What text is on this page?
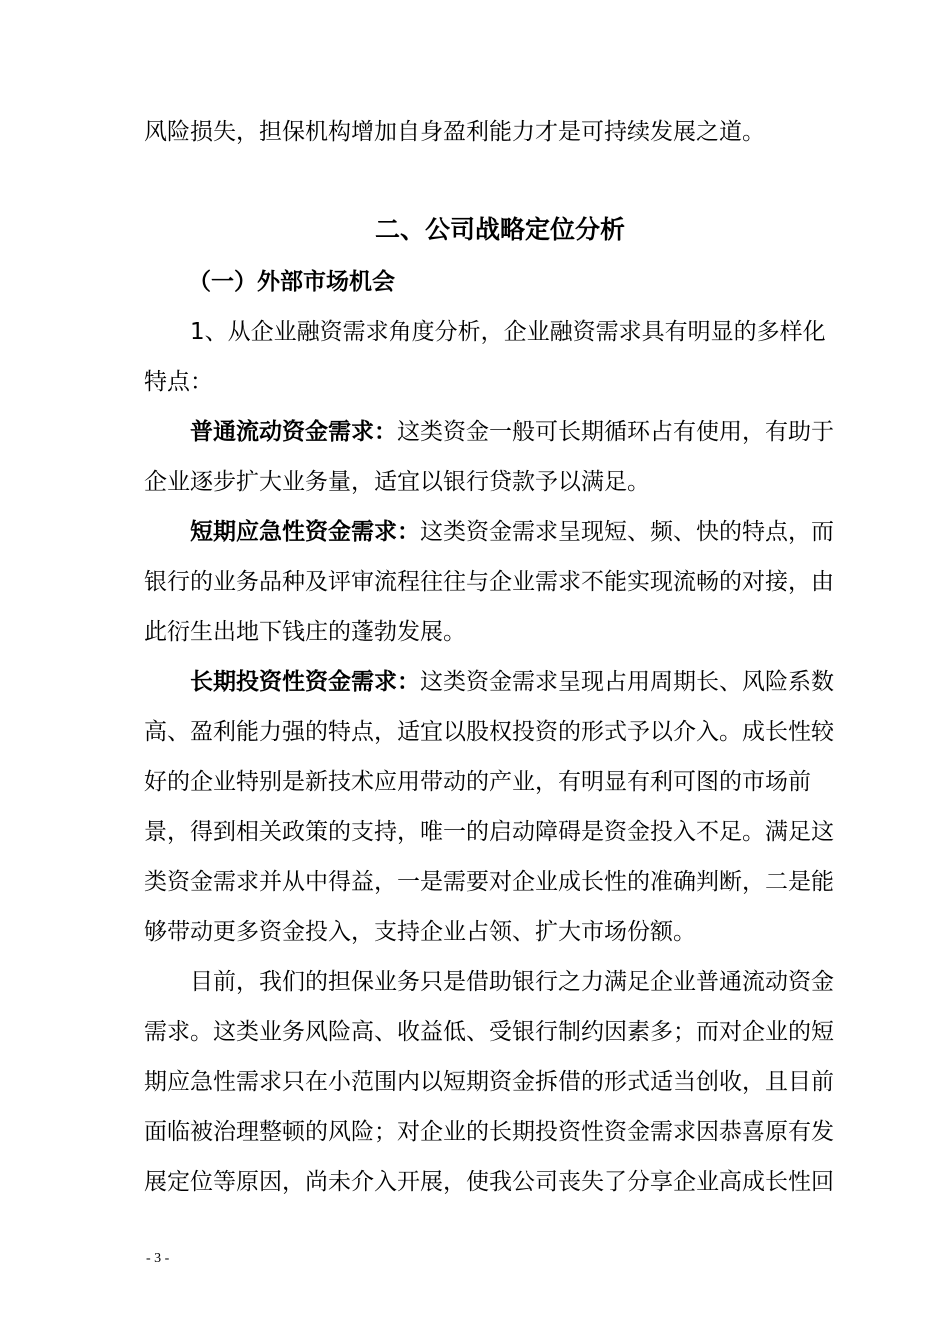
风险损失，担保机构增加自身盈利能力才是可持续发展之道。
二、公司战略定位分析
（一）外部市场机会
1、从企业融资需求角度分析，企业融资需求具有明显的多样化
特点：
普通流动资金需求：这类资金一般可长期循环占有使用，有助于
企业逐步扩大业务量，适宜以银行贷款予以满足。
短期应急性资金需求：这类资金需求呈现短、频、快的特点，而
银行的业务品种及评审流程往往与企业需求不能实现流畅的对接，由
此衍生出地下钱庄的蓬勃发展。
长期投资性资金需求：这类资金需求呈现占用周期长、风险系数
高、盈利能力强的特点，适宜以股权投资的形式予以介入。成长性较
好的企业特别是新技术应用带动的产业，有明显有利可图的市场前
景，得到相关政策的支持，唯一的启动障碍是资金投入不足。满足这
类资金需求并从中得益，一是需要对企业成长性的准确判断，二是能
够带动更多资金投入，支持企业占领、扩大市场份额。
目前，我们的担保业务只是借助银行之力满足企业普通流动资金
需求。这类业务风险高、收益低、受银行制约因素多；而对企业的短
期应急性需求只在小范围内以短期资金拆借的形式适当创收，且目前
面临被治理整顿的风险；对企业的长期投资性资金需求因恭喜原有发
展定位等原因，尚未介入开展，使我公司丧失了分享企业高成长性回
- 3 -
